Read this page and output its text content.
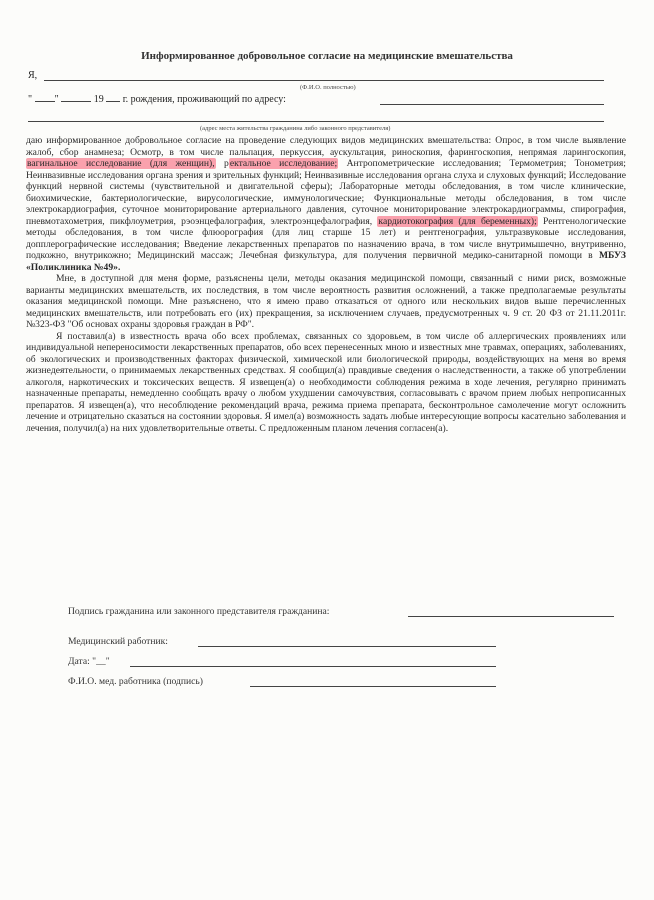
Информированное добровольное согласие на медицинские вмешательства
Я,
(Ф.И.О. полностью)
" "	19 г. рождения, проживающий по адресу:
(адрес места жительства гражданина либо законного представителя)

даю информированное добровольное согласие на проведение следующих видов медицинских вмешательства: Опрос, в том числе выявление жалоб, сбор анамнеза; Осмотр, в том числе пальпация, перкуссия, аускультация, риноскопия, фарингоскопия, непрямая ларингоскопия, вагинальное исследование (для женщин), ректальное исследование; Антропометрические исследования; Термометрия; Тонометрия; Неинвазивные исследования органа зрения и зрительных функций; Неинвазивные исследования органа слуха и слуховых функций; Исследование функций нервной системы (чувствительной и двигательной сферы); Лабораторные методы обследования, в том числе клинические, биохимические, бактериологические, вирусологические, иммунологические; Функциональные методы обследования, в том числе электрокардиография, суточное мониторирование артериального давления, суточное мониторирование электрокардиограммы, спирография, пневмотахометрия, пикфлоуметрия, рэоэнцефалография, электроэнцефалография, кардиотокография (для беременных); Рентгенологические методы обследования, в том числе флюорография (для лиц старше 15 лет) и рентгенография, ультразвуковые исследования, допплерографические исследования; Введение лекарственных препаратов по назначению врача, в том числе внутримышечно, внутривенно, подкожно, внутрикожно; Медицинский массаж; Лечебная физкультура, для получения первичной медико-санитарной помощи в МБУЗ «Поликлиника №49».

Мне, в доступной для меня форме, разъяснены цели, методы оказания медицинской помощи, связанный с ними риск, возможные варианты медицинских вмешательств, их последствия, в том числе вероятность развития осложнений, а также предполагаемые результаты оказания медицинской помощи. Мне разъяснено, что я имею право отказаться от одного или нескольких видов выше перечисленных медицинских вмешательств, или потребовать его (их) прекращения, за исключением случаев, предусмотренных ч. 9 ст. 20 ФЗ от 21.11.2011г. №323-ФЗ "Об основах охраны здоровья граждан в РФ".

Я поставил(а) в известность врача обо всех проблемах, связанных со здоровьем, в том числе об аллергических проявлениях или индивидуальной непереносимости лекарственных препаратов, обо всех перенесенных мною и известных мне травмах, операциях, заболеваниях, об экологических и производственных факторах физической, химической или биологической природы, воздействующих на меня во время жизнедеятельности, о принимаемых лекарственных средствах. Я сообщил(а) правдивые сведения о наследственности, а также об употреблении алкоголя, наркотических и токсических веществ. Я извещен(а) о необходимости соблюдения режима в ходе лечения, регулярно принимать назначенные препараты, немедленно сообщать врачу о любом ухудшении самочувствия, согласовывать с врачом прием любых непрописанных препаратов. Я извещен(а), что несоблюдение рекомендаций врача, режима приема препарата, бесконтрольное самолечение могут осложнить лечение и отрицательно сказаться на состоянии здоровья. Я имел(а) возможность задать любые интересующие вопросы касательно заболевания и лечения, получил(а) на них удовлетворительные ответы. С предложенным планом лечения согласен(а).

Подпись гражданина или законного представителя гражданина:
Медицинский работник:
Дата: "__"
Ф.И.О. мед. работника (подпись)
